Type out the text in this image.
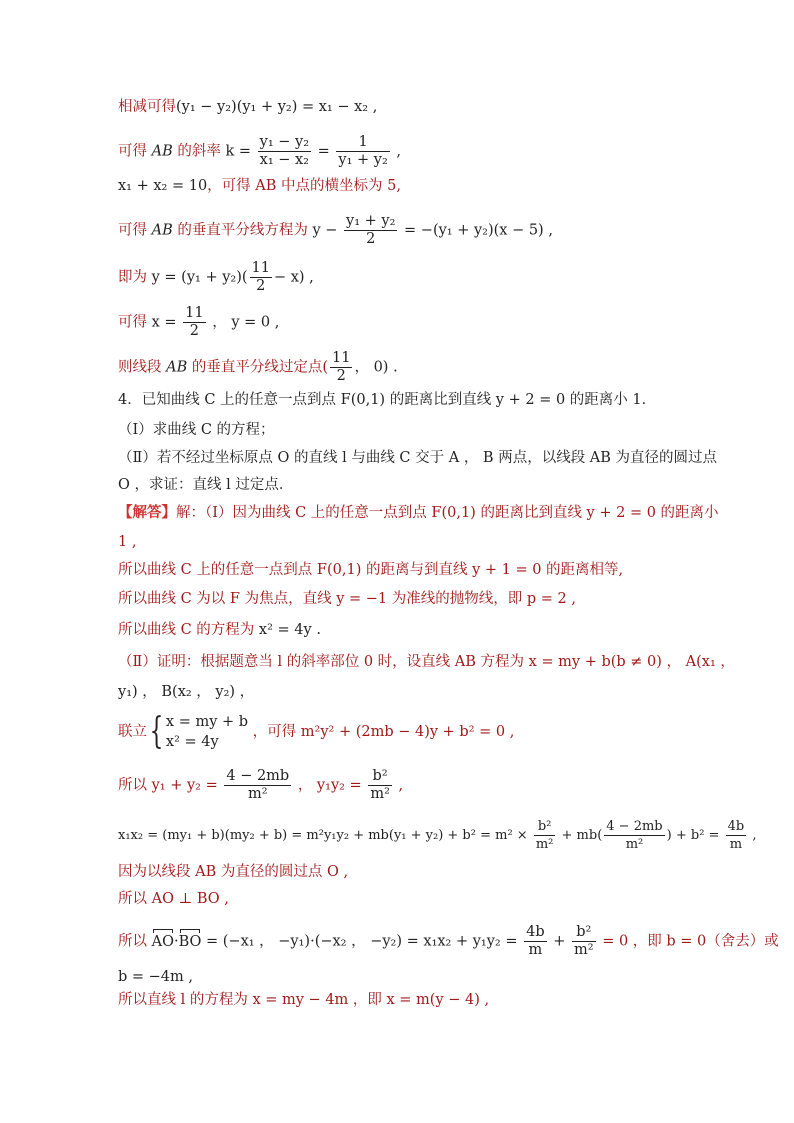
相减可得(y₁ − y₂)(y₁ + y₂) = x₁ − x₂ ,
可得 AB 的斜率 $k = \frac{\text{y₁ − y₂}}{\text{x₁ − x₂}} = \frac{1}{\text{y₁ + y₂}}$ ,
x₁ + x₂ = 10，可得 AB 中点的横坐标为 5,
可得 AB 的垂直平分线方程为 $y - \frac{\text{y₁ + y₂}}{2} = -(y_1 + y_2)(x - 5)$ ,
即为 $y = (y_1 + y_2)( \frac{11}{2} - x)$ ,
可得 $x = \frac{11}{2}$ ， y = 0 ,
则线段 AB 的垂直平分线过定点( $\frac{11}{2}$ ， 0) .
4．已知曲线 C 上的任意一点到点 F(0,1) 的距离比到直线 y + 2 = 0 的距离小 1．
（Ⅰ）求曲线 C 的方程；
（Ⅱ）若不经过坐标原点 O 的直线 l 与曲线 C 交于 A ， B 两点，以线段 AB 为直径的圆过点
O ，求证：直线 l 过定点．
【解答】解：（Ⅰ）因为曲线 C 上的任意一点到点 F(0,1) 的距离比到直线 y + 2 = 0 的距离小
1 ,
所以曲线 C 上的任意一点到点 F(0,1) 的距离与到直线 y + 1 = 0 的距离相等,
所以曲线 C 为以 F 为焦点，直线 y = −1 为准线的抛物线，即 p = 2 ,
所以曲线 C 的方程为 x² = 4y .
（Ⅱ）证明：根据题意当 l 的斜率部位 0 时，设直线 AB 方程为 x = my + b(b ≠ 0) ， A(x₁ ，
y₁) ， B(x₂ ， y₂) ，
联立{ x = my + b
x² = 4y
，可得 m²y² + (2mb − 4)y + b² = 0 ,
所以 $y_1 + y_2 = \frac{4 - 2mb}{\text{m²}}$ ， $y_1y_2 = \frac{\text{b²}}{\text{m²}}$ ,
$x_1x_2 = (my_1 + b)(my_2 + b) = m^2y_1y_2 + mb(y_1 + y_2) + b^2 = m^2 \times \frac{\text{b²}}{\text{m²}} + mb( \frac{4 - 2mb}{\text{m²}}$ ) + $b^2 = \frac{4b}{m}$ ,
因为以线段 AB 为直径的圆过点 O ,
所以 AO ⊥ BO ,
所以 AO·BO = (−x₁ ， −y₁)·(−x₂ ， $-y_2) = x_1x_2 + y_1y_2 = \frac{4b}{m} + \frac{\text{b²}}{\text{m²}} = 0$ ，即 b = 0（舍去）或
b = −4m ,
所以直线 l 的方程为 x = my − 4m ，即 x = m(y − 4) ,
